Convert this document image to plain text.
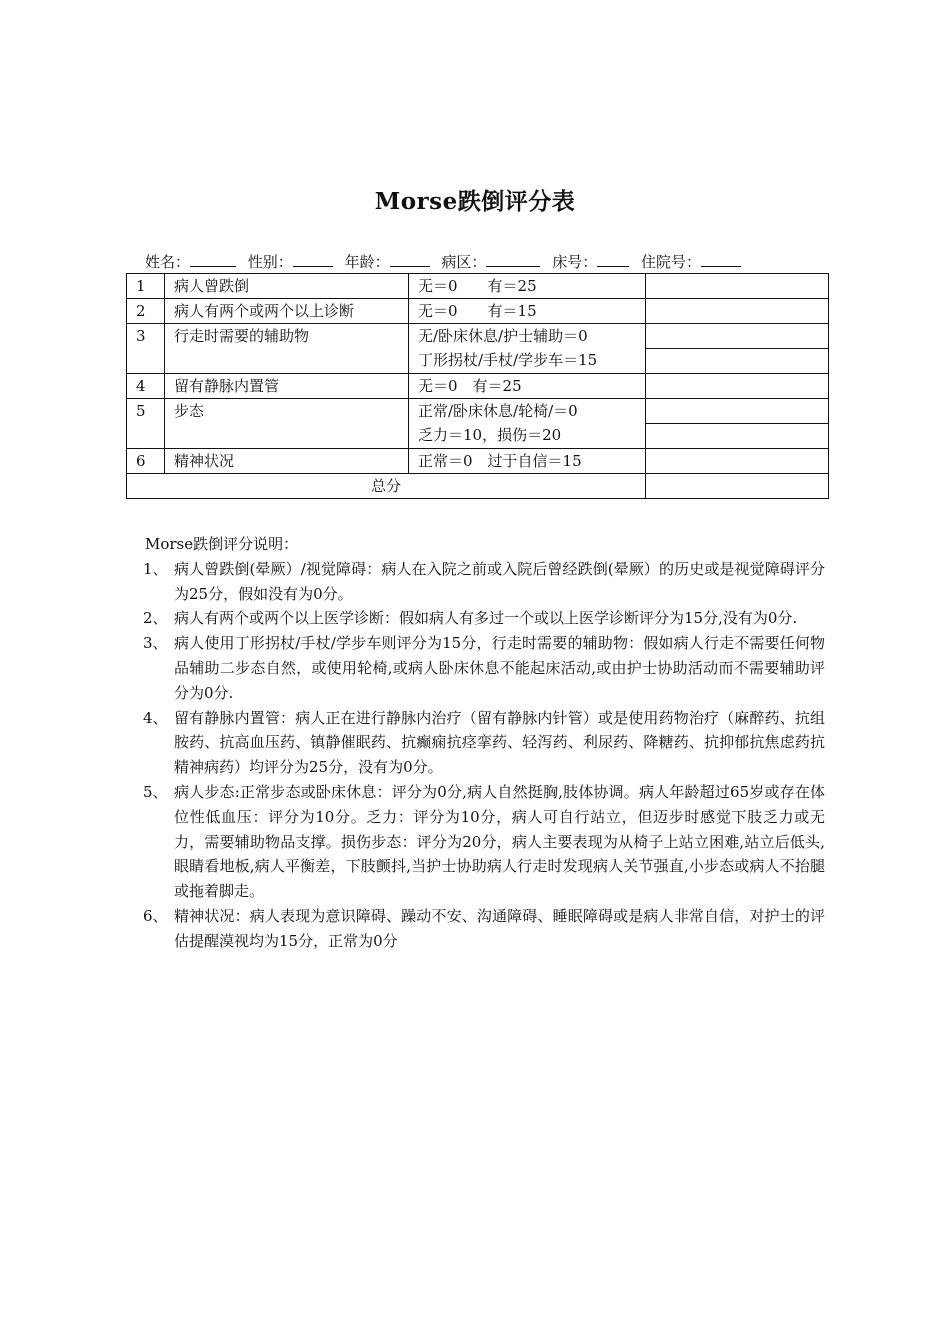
Morse跌倒评分表
姓名：	性别：	年龄：	病区：	床号：	住院号：
1	病人曾跌倒	无＝0　　有＝25	
2	病人有两个或两个以上诊断	无＝0　　有＝15	
3	行走时需要的辅助物	无/卧床休息/护士辅助＝0
丁形拐杖/手杖/学步车＝15	

4	留有静脉内置管	无＝0　有＝25	
5	步态	正常/卧床休息/轮椅/＝0
乏力＝10，损伤＝20	

6	精神状况	正常＝0　过于自信＝15	
总分			
Morse跌倒评分说明：
1、 病人曾跌倒(晕厥）/视觉障碍：病人在入院之前或入院后曾经跌倒(晕厥）的历史或是视觉障碍评分为25分，假如没有为0分。
2、 病人有两个或两个以上医学诊断：假如病人有多过一个或以上医学诊断评分为15分,没有为0分.
3、 病人使用丁形拐杖/手杖/学步车则评分为15分，行走时需要的辅助物：假如病人行走不需要任何物品辅助二步态自然，或使用轮椅,或病人卧床休息不能起床活动,或由护士协助活动而不需要辅助评分为0分.
4、 留有静脉内置管：病人正在进行静脉内治疗（留有静脉内针管）或是使用药物治疗（麻醉药、抗组胺药、抗高血压药、镇静催眠药、抗癫痫抗痉挛药、轻泻药、利尿药、降糖药、抗抑郁抗焦虑药抗精神病药）均评分为25分，没有为0分。
5、 病人步态:正常步态或卧床休息：评分为0分,病人自然挺胸,肢体协调。病人年龄超过65岁或存在体位性低血压：评分为10分。乏力：评分为10分，病人可自行站立，但迈步时感觉下肢乏力或无力，需要辅助物品支撑。损伤步态：评分为20分，病人主要表现为从椅子上站立困难,站立后低头,眼睛看地板,病人平衡差，下肢颤抖,当护士协助病人行走时发现病人关节强直,小步态或病人不抬腿或拖着脚走。
6、 精神状况：病人表现为意识障碍、躁动不安、沟通障碍、睡眠障碍或是病人非常自信，对护士的评估提醒漠视均为15分，正常为0分
